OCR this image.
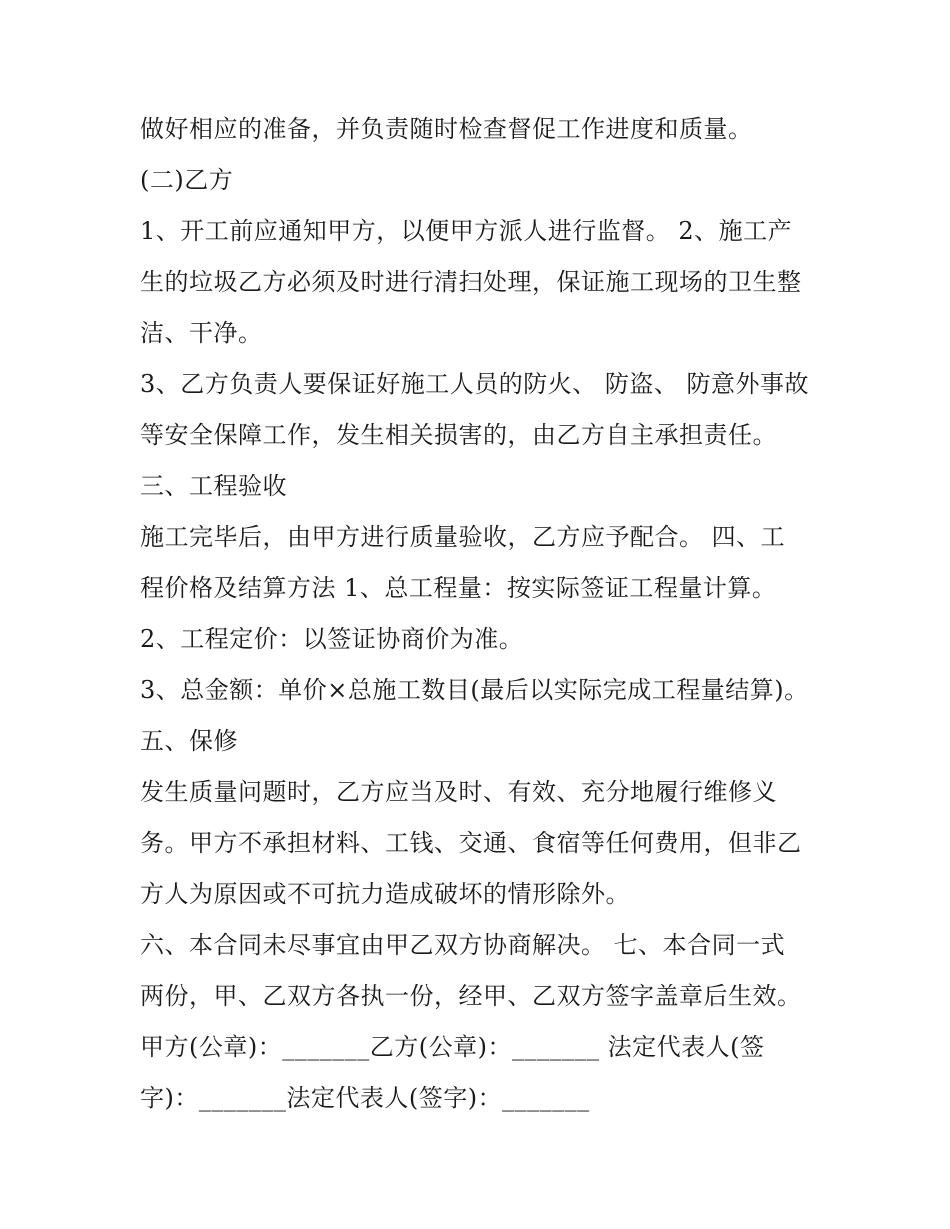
做好相应的准备，并负责随时检查督促工作进度和质量。
(二)乙方
1、开工前应通知甲方，以便甲方派人进行监督。 2、施工产
生的垃圾乙方必须及时进行清扫处理，保证施工现场的卫生整
洁、干净。
3、乙方负责人要保证好施工人员的防火、 防盗、 防意外事故
等安全保障工作，发生相关损害的，由乙方自主承担责任。
三、工程验收
施工完毕后，由甲方进行质量验收，乙方应予配合。 四、工
程价格及结算方法 1、总工程量：按实际签证工程量计算。
2、工程定价：以签证协商价为准。
3、总金额：单价×总施工数目(最后以实际完成工程量结算)。
五、保修
发生质量问题时，乙方应当及时、有效、充分地履行维修义
务。甲方不承担材料、工钱、交通、食宿等任何费用，但非乙
方人为原因或不可抗力造成破坏的情形除外。
六、本合同未尽事宜由甲乙双方协商解决。 七、本合同一式
两份，甲、乙双方各执一份，经甲、乙双方签字盖章后生效。
甲方(公章)：_______乙方(公章)：_______ 法定代表人(签
字)：_______法定代表人(签字)：_______
